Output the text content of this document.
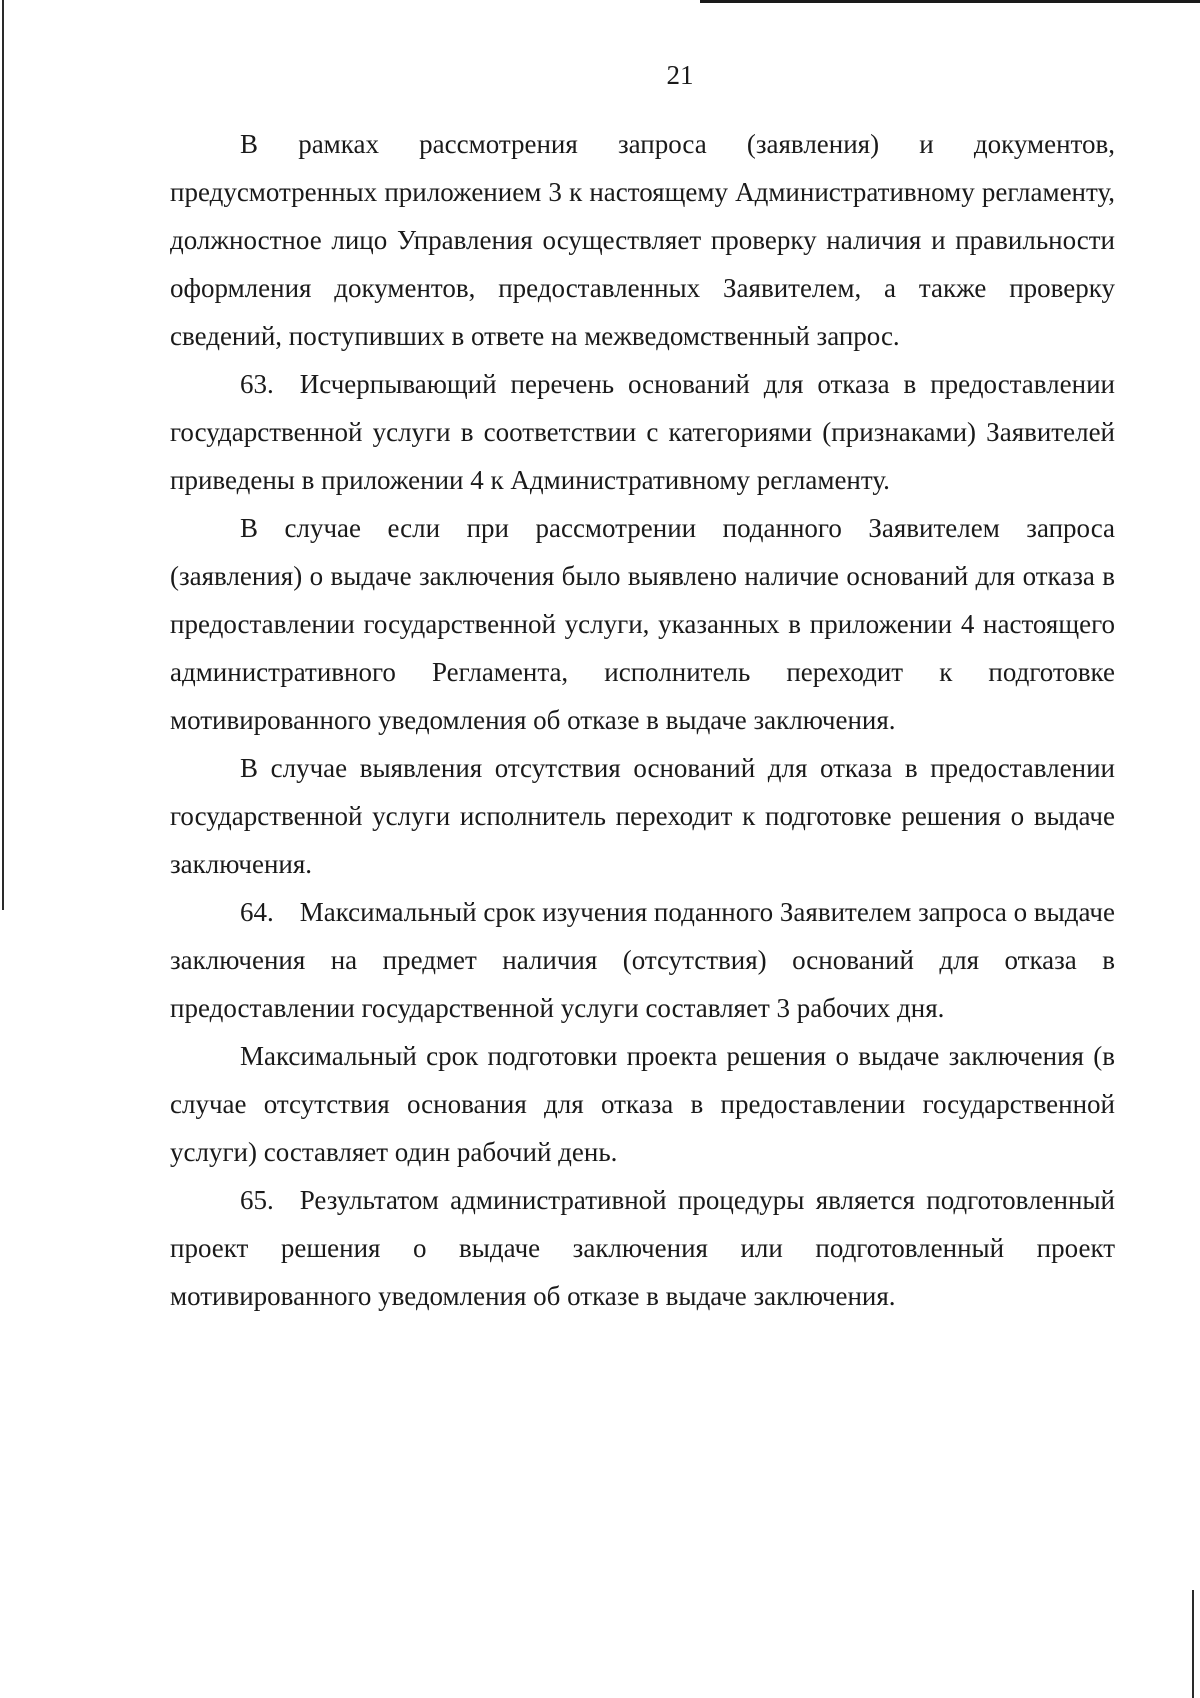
21

В рамках рассмотрения запроса (заявления) и документов, предусмотренных приложением 3 к настоящему Административному регламенту, должностное лицо Управления осуществляет проверку наличия и правильности оформления документов, предоставленных Заявителем, а также проверку сведений, поступивших в ответе на межведомственный запрос.

63. Исчерпывающий перечень оснований для отказа в предоставлении государственной услуги в соответствии с категориями (признаками) Заявителей приведены в приложении 4 к Административному регламенту.

В случае если при рассмотрении поданного Заявителем запроса (заявления) о выдаче заключения было выявлено наличие оснований для отказа в предоставлении государственной услуги, указанных в приложении 4 настоящего административного Регламента, исполнитель переходит к подготовке мотивированного уведомления об отказе в выдаче заключения.

В случае выявления отсутствия оснований для отказа в предоставлении государственной услуги исполнитель переходит к подготовке решения о выдаче заключения.

64. Максимальный срок изучения поданного Заявителем запроса о выдаче заключения на предмет наличия (отсутствия) оснований для отказа в предоставлении государственной услуги составляет 3 рабочих дня.

Максимальный срок подготовки проекта решения о выдаче заключения (в случае отсутствия основания для отказа в предоставлении государственной услуги) составляет один рабочий день.

65. Результатом административной процедуры является подготовленный проект решения о выдаче заключения или подготовленный проект мотивированного уведомления об отказе в выдаче заключения.
